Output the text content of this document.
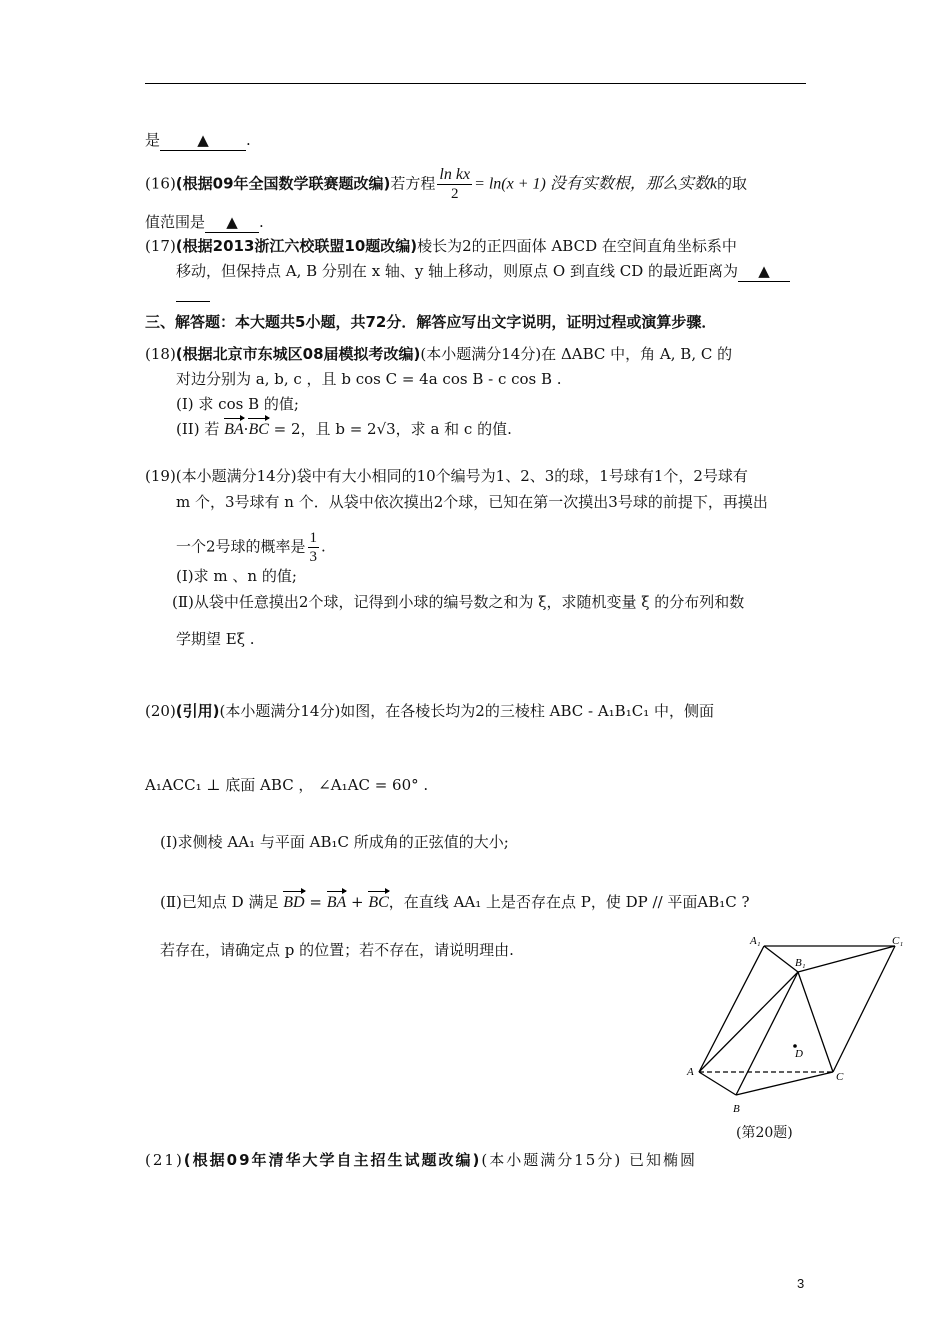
是 ▲ .
(16)(根据09年全国数学联赛题改编)若方程 $\frac{\text{ln kx}}{2} = \ln(x + 1)$ 没有实数根，那么实数k的取
值范围是 ▲ .
(17)(根据2013浙江六校联盟10题改编)棱长为2的正四面体 ABCD 在空间直角坐标系中
移动，但保持点 A, B 分别在 x 轴、y 轴上移动，则原点 O 到直线 CD 的最近距离为 ▲
三、解答题：本大题共5小题，共72分．解答应写出文字说明，证明过程或演算步骤．
(18)(根据北京市东城区08届模拟考改编)(本小题满分14分)在 ΔABC 中，角 A, B, C 的
对边分别为 a, b, c ，且 b cos C = 4a cos B - c cos B .
(I) 求 cos B 的值;
(II) 若 BA·BC = 2，且 b = 2√3，求 a 和 c 的值.
(19)(本小题满分14分)袋中有大小相同的10个编号为1、2、3的球，1号球有1个，2号球有
m 个，3号球有 n 个．从袋中依次摸出2个球，已知在第一次摸出3号球的前提下，再摸出
一个2号球的概率是 $\frac{1}{3}$ .
(Ⅰ)求 m 、n 的值;
(Ⅱ)从袋中任意摸出2个球，记得到小球的编号数之和为 ξ，求随机变量 ξ 的分布列和数
学期望 Eξ .
(20)(引用)(本小题满分14分)如图，在各棱长均为2的三棱柱 ABC - A₁B₁C₁ 中，侧面
A₁ACC₁ ⊥ 底面 ABC ， ∠A₁AC = 60° .
(Ⅰ)求侧棱 AA₁ 与平面 AB₁C 所成角的正弦值的大小;
(Ⅱ)已知点 D 满足 BD = BA + BC，在直线 AA₁ 上是否存在点 P，使 DP // 平面AB₁C ?
若存在，请确定点 p 的位置；若不存在，请说明理由.	A₁	C₁
B₁
D
A	C
B
(第20题)
(21)(根据09年清华大学自主招生试题改编)(本小题满分15分) 已知椭圆
3
